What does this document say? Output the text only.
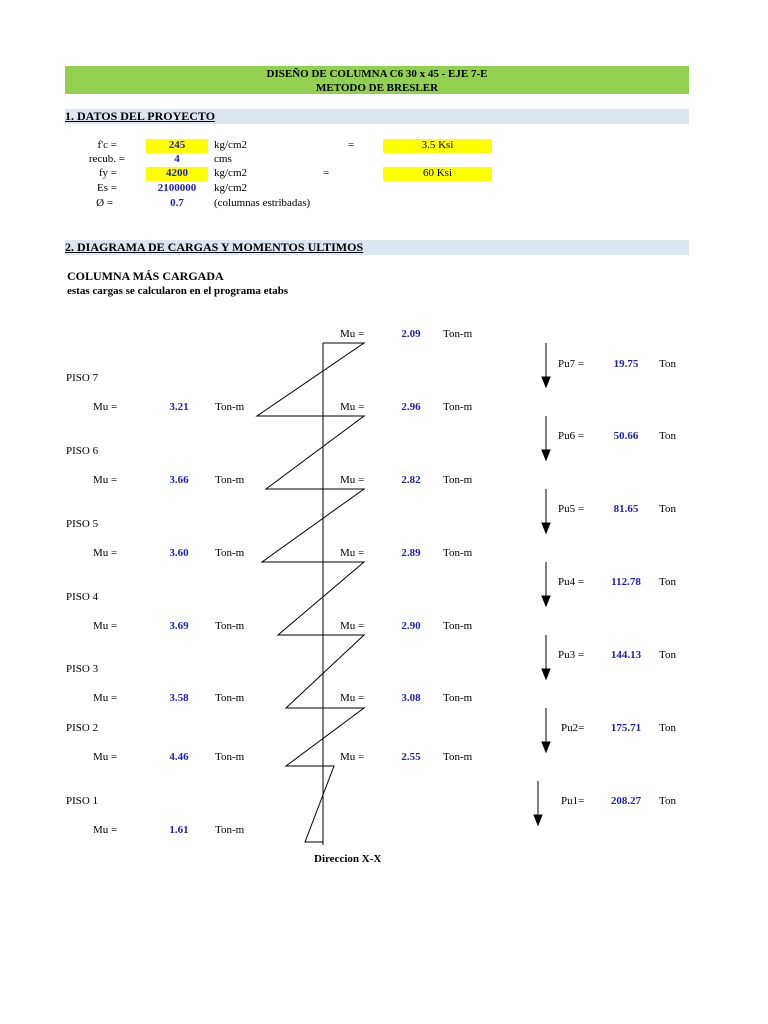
DISEÑO DE COLUMNA C6 30 x 45 - EJE 7-E
METODO DE BRESLER
1. DATOS DEL PROYECTO
f'c =	245	kg/cm2	=	3.5 Ksi
recub. =	4	cms
fy =	4200	kg/cm2	=	60 Ksi
Es =	2100000	kg/cm2
Ø =	0.7	(columnas estribadas)
2. DIAGRAMA DE CARGAS Y MOMENTOS ULTIMOS
COLUMNA MÁS CARGADA
estas cargas se calcularon en el programa etabs
Mu =	2.09	Ton-m
Pu7 =	19.75	Ton
PISO 7
Mu =	3.21	Ton-m	Mu =	2.96	Ton-m
Pu6 =	50.66	Ton
PISO 6
Mu =	3.66	Ton-m	Mu =	2.82	Ton-m
Pu5 =	81.65	Ton
PISO 5
Mu =	3.60	Ton-m	Mu =	2.89	Ton-m
Pu4 =	112.78	Ton
PISO 4
Mu =	3.69	Ton-m	Mu =	2.90	Ton-m
Pu3 =	144.13	Ton
PISO 3
Mu =	3.58	Ton-m	Mu =	3.08	Ton-m
PISO 2	Pu2=	175.71	Ton
Mu =	4.46	Ton-m	Mu =	2.55	Ton-m
PISO 1	Pu1=	208.27	Ton
Mu =	1.61	Ton-m
Direccion X-X
